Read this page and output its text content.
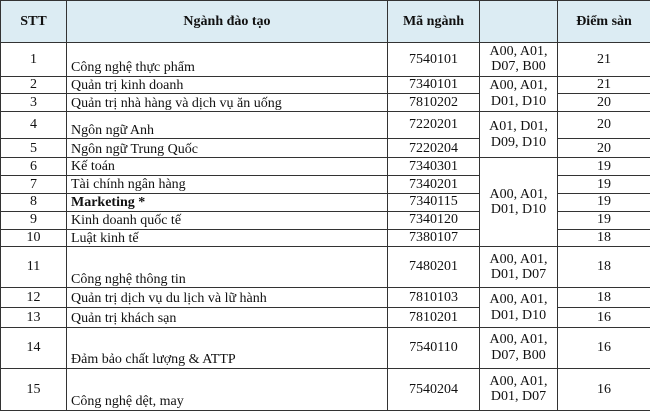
STT	Ngành đào tạo	Mã ngành		Điểm sàn
1	Công nghệ thực phẩm	7540101	A00, A01, D07, B00	21
2	Quản trị kinh doanh	7340101	A00, A01, D01, D10	21
3	Quản trị nhà hàng và dịch vụ ăn uống	7810202		20
4	Ngôn ngữ Anh	7220201	A01, D01, D09, D10	20
5	Ngôn ngữ Trung Quốc	7220204		20
6	Kế toán	7340301	A00, A01, D01, D10	19
7	Tài chính ngân hàng	7340201		19
8	Marketing *	7340115		19
9	Kinh doanh quốc tế	7340120		19
10	Luật kinh tế	7380107		18
11	Công nghệ thông tin	7480201	A00, A01, D01, D07	18
12	Quản trị dịch vụ du lịch và lữ hành	7810103	A00, A01, D01, D10	18
13	Quản trị khách sạn	7810201		16
14	Đảm bảo chất lượng & ATTP	7540110	A00, A01, D07, B00	16
15	Công nghệ dệt, may	7540204	A00, A01, D01, D07	16
